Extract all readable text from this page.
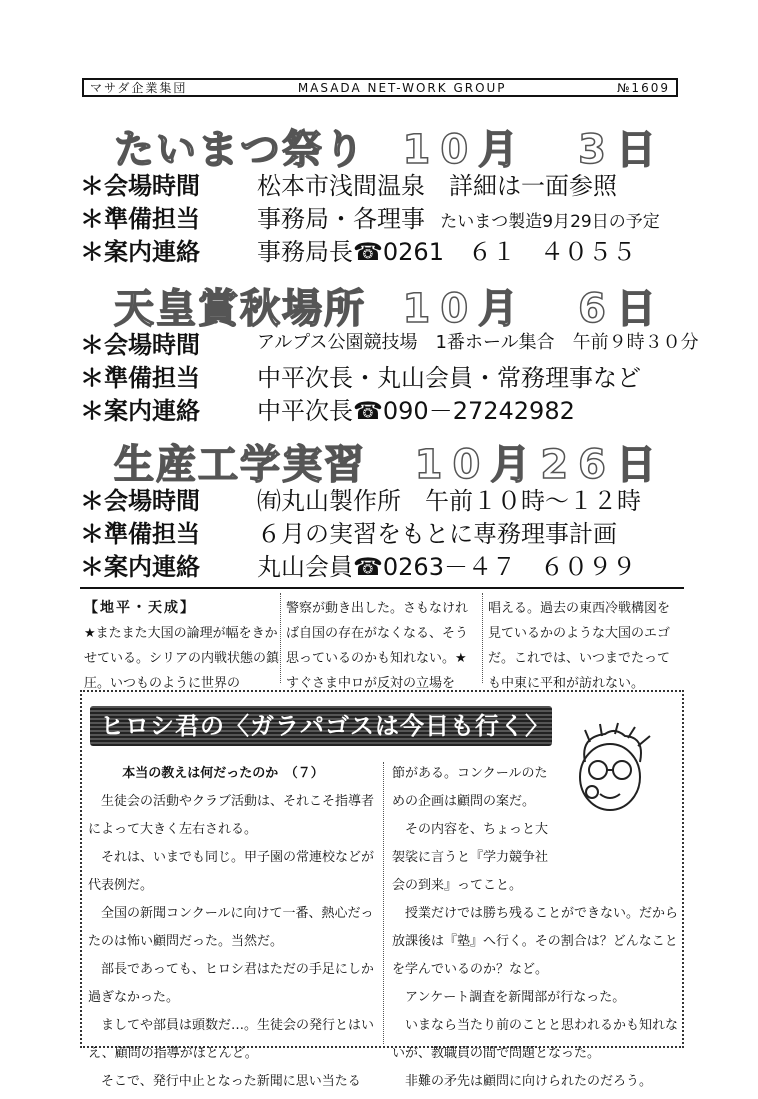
マサダ企業集団	MASADA NET-WORK GROUP	№1609
たいまつ祭り 10月　3日
＊会場時間 松本市浅間温泉　詳細は一面参照
＊準備担当 事務局・各理事 たいまつ製造9月29日の予定
＊案内連絡 事務局長☎0261　６１　４０５５
天皇賞秋場所 10月　6日
＊会場時間	アルプス公園競技場　1番ホール集合　午前９時３０分
＊準備担当 中平次長・丸山会員・常務理事など
＊案内連絡 中平次長☎090－27242982
生産工学実習 10月26日
＊会場時間 ㈲丸山製作所　午前１０時～１２時
＊準備担当 ６月の実習をもとに専務理事計画
＊案内連絡 丸山会員☎0263－４７　６０９９
【地平・天成】
★またまた大国の論理が幅をきかせている。シリアの内戦状態の鎮圧。いつものように世界の
警察が動き出した。さもなければ自国の存在がなくなる、そう思っているのかも知れない。★すぐさま中ロが反対の立場を
唱える。過去の東西冷戦構図を見ているかのような大国のエゴだ。これでは、いつまでたっても中東に平和が訪れない。
ヒロシ君の〈ガラパゴスは今日も行く〉
本当の教えは何だったのか　（７）

生徒会の活動やクラブ活動は、それこそ指導者によって大きく左右される。

それは、いまでも同じ。甲子園の常連校などが代表例だ。

全国の新聞コンクールに向けて一番、熱心だったのは怖い顧問だった。当然だ。

部長であっても、ヒロシ君はただの手足にしか過ぎなかった。

ましてや部員は頭数だ…。生徒会の発行とはいえ、顧問の指導がほとんど。

そこで、発行中止となった新聞に思い当たる

節がある。コンクールのための企画は顧問の案だ。

その内容を、ちょっと大袈裟に言うと『学力競争社会の到来』ってこと。

授業だけでは勝ち残ることができない。だから放課後は『塾』へ行く。その割合は？どんなことを学んでいるのか？など。

アンケート調査を新聞部が行なった。

いまなら当たり前のことと思われるかも知れないが、教職員の間で問題となった。

非難の矛先は顧問に向けられたのだろう。
